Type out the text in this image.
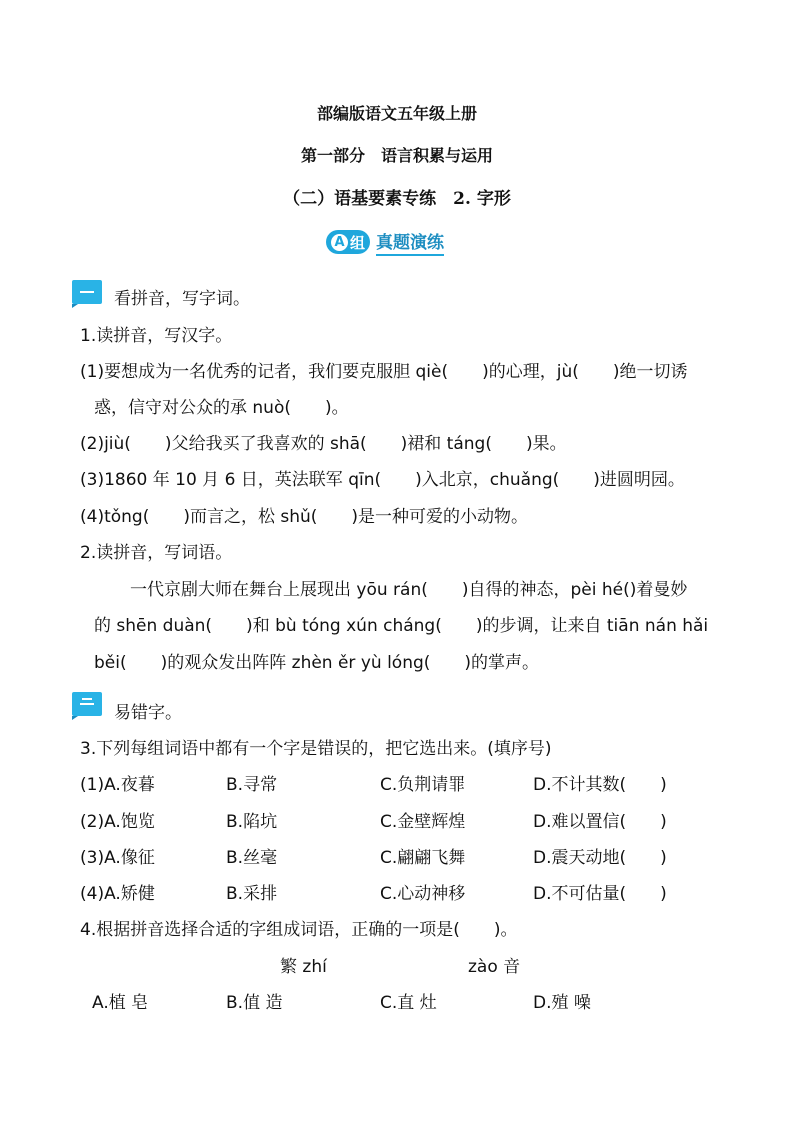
部编版语文五年级上册
第一部分　语言积累与运用
（二）语基要素专练　2. 字形
A 组 真题演练
看拼音，写字词。
1.读拼音，写汉字。
(1)要想成为一名优秀的记者，我们要克服胆 qiè(　　)的心理，jù(　　)绝一切诱
惑，信守对公众的承 nuò(　　)。
(2)jiù(　　)父给我买了我喜欢的 shā(　　)裙和 táng(　　)果。
(3)1860 年 10 月 6 日，英法联军 qīn(　　)入北京，chuǎng(　　)进圆明园。
(4)tǒng(　　)而言之，松 shǔ(　　)是一种可爱的小动物。
2.读拼音，写词语。
一代京剧大师在舞台上展现出 yōu rán(　　)自得的神态，pèi hé()着曼妙
的 shēn duàn(　　)和 bù tóng xún cháng(　　)的步调，让来自 tiān nán hǎi
běi(　　)的观众发出阵阵 zhèn ěr yù lóng(　　)的掌声。
易错字。
3.下列每组词语中都有一个字是错误的，把它选出来。(填序号)
(1)A.夜暮	B.寻常	C.负荆请罪	D.不计其数(　　)
(2)A.饱览	B.陷坑	C.金壁辉煌	D.难以置信(　　)
(3)A.像征	B.丝毫	C.翩翩飞舞	D.震天动地(　　)
(4)A.矫健	B.采排	C.心动神移	D.不可估量(　　)
4.根据拼音选择合适的字组成词语，正确的一项是(　　)。
繁 zhí	zào 音
A.植 皂	B.值 造	C.直 灶	D.殖 噪
